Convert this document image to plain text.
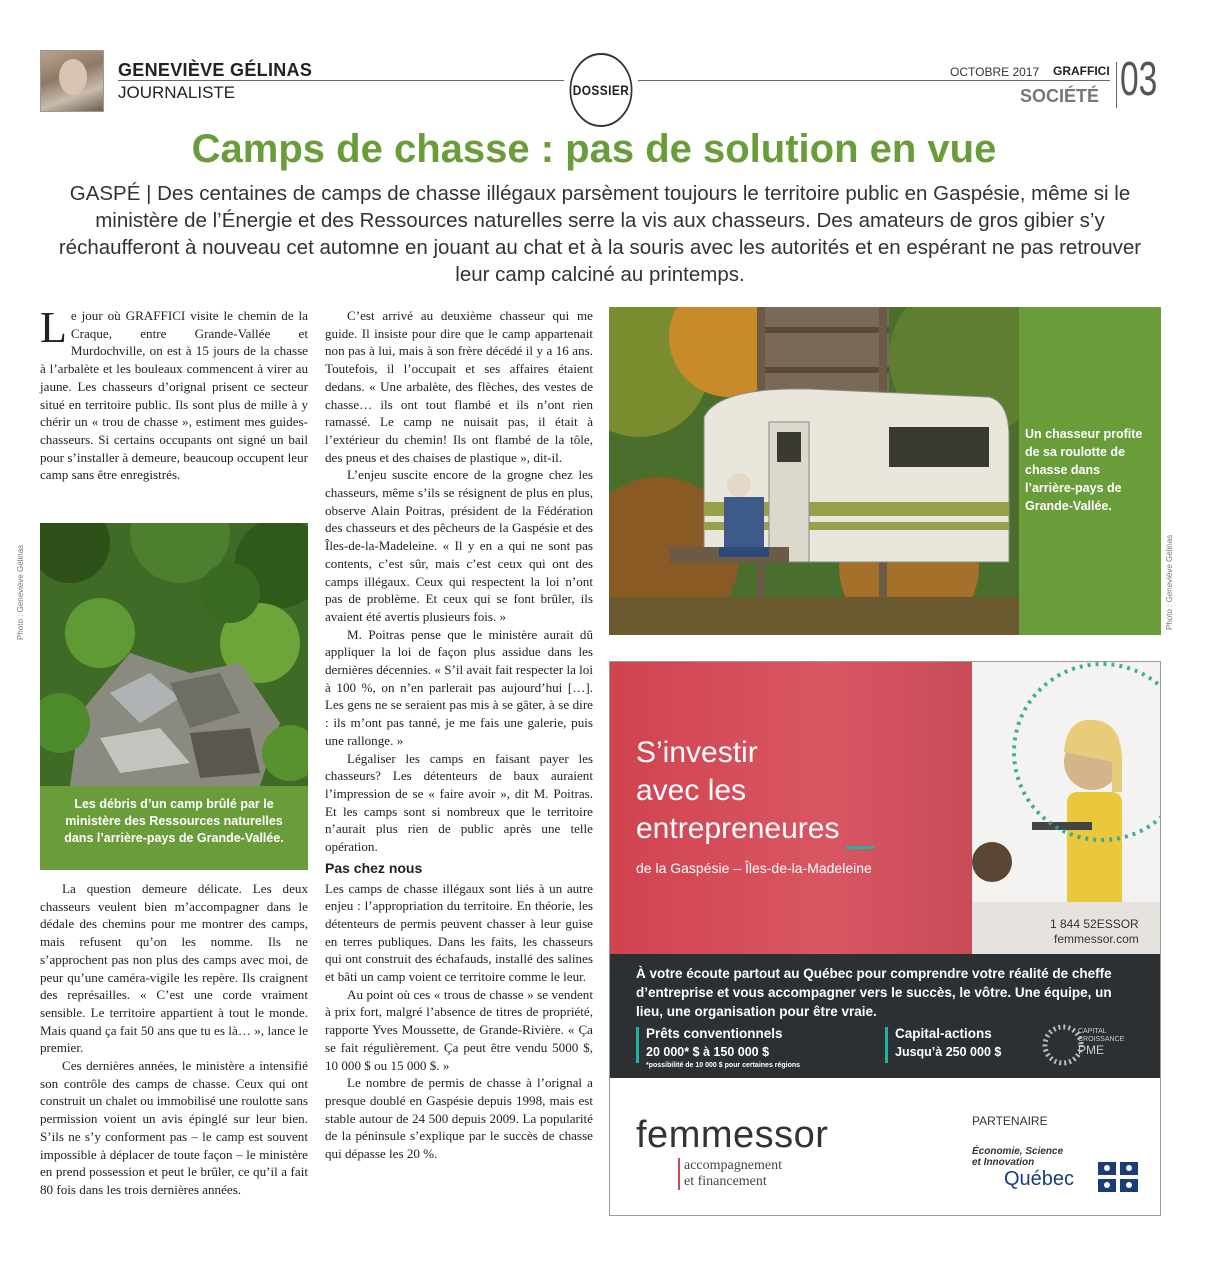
GENEVIÈVE GÉLINAS
JOURNALISTE	DOSSIER
OCTOBRE 2017 GRAFFICI
SOCIÉTÉ 03
Camps de chasse : pas de solution en vue
GASPÉ | Des centaines de camps de chasse illégaux parsèment toujours le territoire public en Gaspésie, même si le ministère de l’Énergie et des Ressources naturelles serre la vis aux chasseurs. Des amateurs de gros gibier s’y réchaufferont à nouveau cet automne en jouant au chat et à la souris avec les autorités et en espérant ne pas retrouver leur camp calciné au printemps.

Le jour où GRAFFICI visite le chemin de la Craque, entre Grande-Vallée et Murdochville, on est à 15 jours de la chasse à l’arbalète et les bouleaux commencent à virer au jaune. Les chasseurs d’orignal prisent ce secteur situé en territoire public. Ils sont plus de mille à y chérir un « trou de chasse », estiment mes guides-chasseurs. Si certains occupants ont signé un bail pour s’installer à demeure, beaucoup occupent leur camp sans être enregistrés.

Photo : Geneviève Gélinas
Les débris d’un camp brûlé par le ministère des Ressources naturelles dans l’arrière-pays de Grande-Vallée.

La question demeure délicate. Les deux chasseurs veulent bien m’accompagner dans le dédale des chemins pour me montrer des camps, mais refusent qu’on les nomme. Ils ne s’approchent pas non plus des camps avec moi, de peur qu’une caméra-vigile les repère. Ils craignent des représailles. « C’est une corde vraiment sensible. Le territoire appartient à tout le monde. Mais quand ça fait 50 ans que tu es là… », lance le premier.

Ces dernières années, le ministère a intensifié son contrôle des camps de chasse. Ceux qui ont construit un chalet ou immobilisé une roulotte sans permission voient un avis épinglé sur leur bien. S’ils ne s’y conforment pas – le camp est souvent impossible à déplacer de toute façon – le ministère en prend possession et peut le brûler, ce qu’il a fait 80 fois dans les trois dernières années.

C’est arrivé au deuxième chasseur qui me guide. Il insiste pour dire que le camp appartenait non pas à lui, mais à son frère décédé il y a 16 ans. Toutefois, il l’occupait et ses affaires étaient dedans. « Une arbalète, des flèches, des vestes de chasse… ils ont tout flambé et ils n’ont rien ramassé. Le camp ne nuisait pas, il était à l’extérieur du chemin! Ils ont flambé de la tôle, des pneus et des chaises de plastique », dit-il.

L’enjeu suscite encore de la grogne chez les chasseurs, même s’ils se résignent de plus en plus, observe Alain Poitras, président de la Fédération des chasseurs et des pêcheurs de la Gaspésie et des Îles-de-la-Madeleine. « Il y en a qui ne sont pas contents, c’est sûr, mais c’est ceux qui ont des camps illégaux. Ceux qui respectent la loi n’ont pas de problème. Et ceux qui se font brûler, ils avaient été avertis plusieurs fois. »

M. Poitras pense que le ministère aurait dû appliquer la loi de façon plus assidue dans les dernières décennies. « S’il avait fait respecter la loi à 100 %, on n’en parlerait pas aujourd’hui […]. Les gens ne se seraient pas mis à se gâter, à se dire : ils m’ont pas tanné, je me fais une galerie, puis une rallonge. »

Légaliser les camps en faisant payer les chasseurs? Les détenteurs de baux auraient l’impression de se « faire avoir », dit M. Poitras. Et les camps sont si nombreux que le territoire n’aurait plus rien de public après une telle opération.

Pas chez nous

Les camps de chasse illégaux sont liés à un autre enjeu : l’appropriation du territoire. En théorie, les détenteurs de permis peuvent chasser à leur guise en terres publiques. Dans les faits, les chasseurs qui ont construit des échafauds, installé des salines et bâti un camp voient ce territoire comme le leur.

Au point où ces « trous de chasse » se vendent à prix fort, malgré l’absence de titres de propriété, rapporte Yves Moussette, de Grande-Rivière. « Ça se fait régulièrement. Ça peut être vendu 5000 $, 10 000 $ ou 15 000 $. »

Le nombre de permis de chasse à l’orignal a presque doublé en Gaspésie depuis 1998, mais est stable autour de 24 500 depuis 2009. La popularité de la péninsule s’explique par le succès de chasse qui dépasse les 20 %.

Un chasseur profite de sa roulotte de chasse dans l’arrière-pays de Grande-Vallée.
Photo : Geneviève Gélinas
S’investir
avec les
entrepreneures
de la Gaspésie – Îles-de-la-Madeleine
1 844 52ESSOR
femmessor.com
À votre écoute partout au Québec pour comprendre votre réalité de cheffe d’entreprise et vous accompagner vers le succès, le vôtre. Une équipe, un lieu, une organisation pour être vraie.
Prêts conventionnels
20 000* $ à 150 000 $
*possibilité de 10 000 $ pour certaines régions
Capital-actions
Jusqu’à 250 000 $
CAPITAL
CROISSANCE
PME
femmessor
accompagnement
et financement
PARTENAIRE
Économie, Science
et Innovation
Québec
